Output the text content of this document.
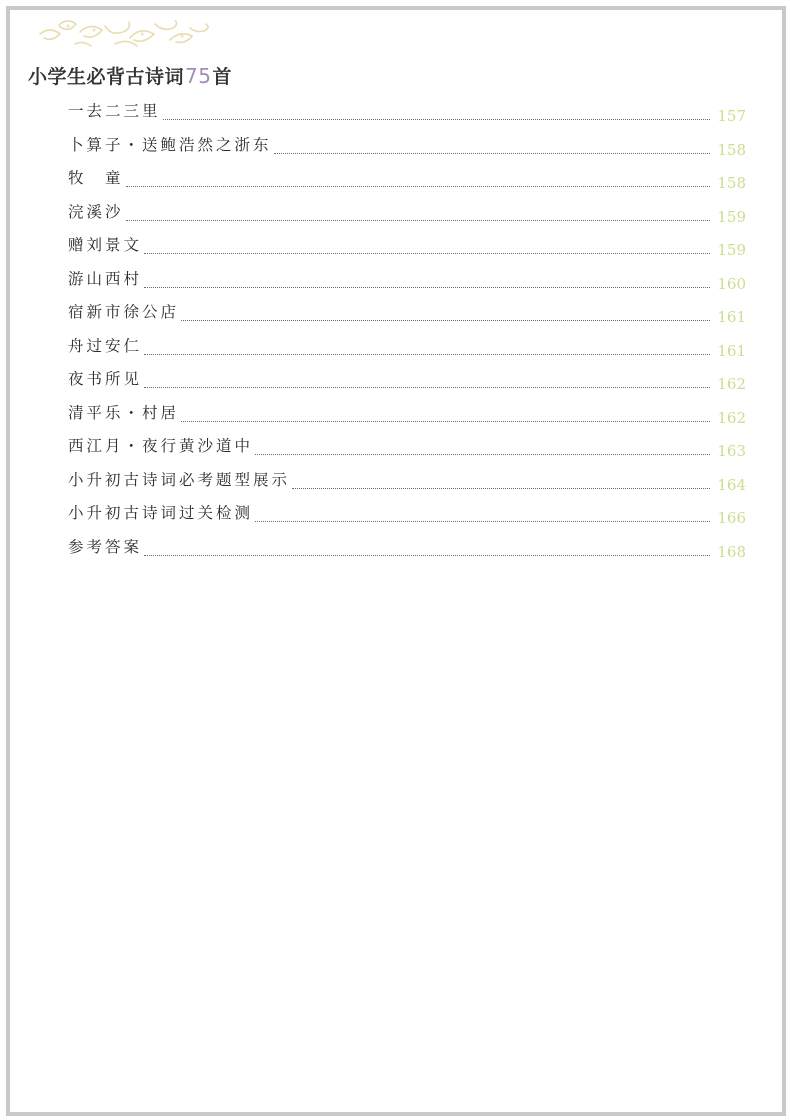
小学生必背古诗词75首
一去二三里	157
卜算子・送鲍浩然之浙东	158
牧　童	158
浣溪沙	159
赠刘景文	159
游山西村	160
宿新市徐公店	161
舟过安仁	161
夜书所见	162
清平乐・村居	162
西江月・夜行黄沙道中	163
小升初古诗词必考题型展示	164
小升初古诗词过关检测	166
参考答案	168
